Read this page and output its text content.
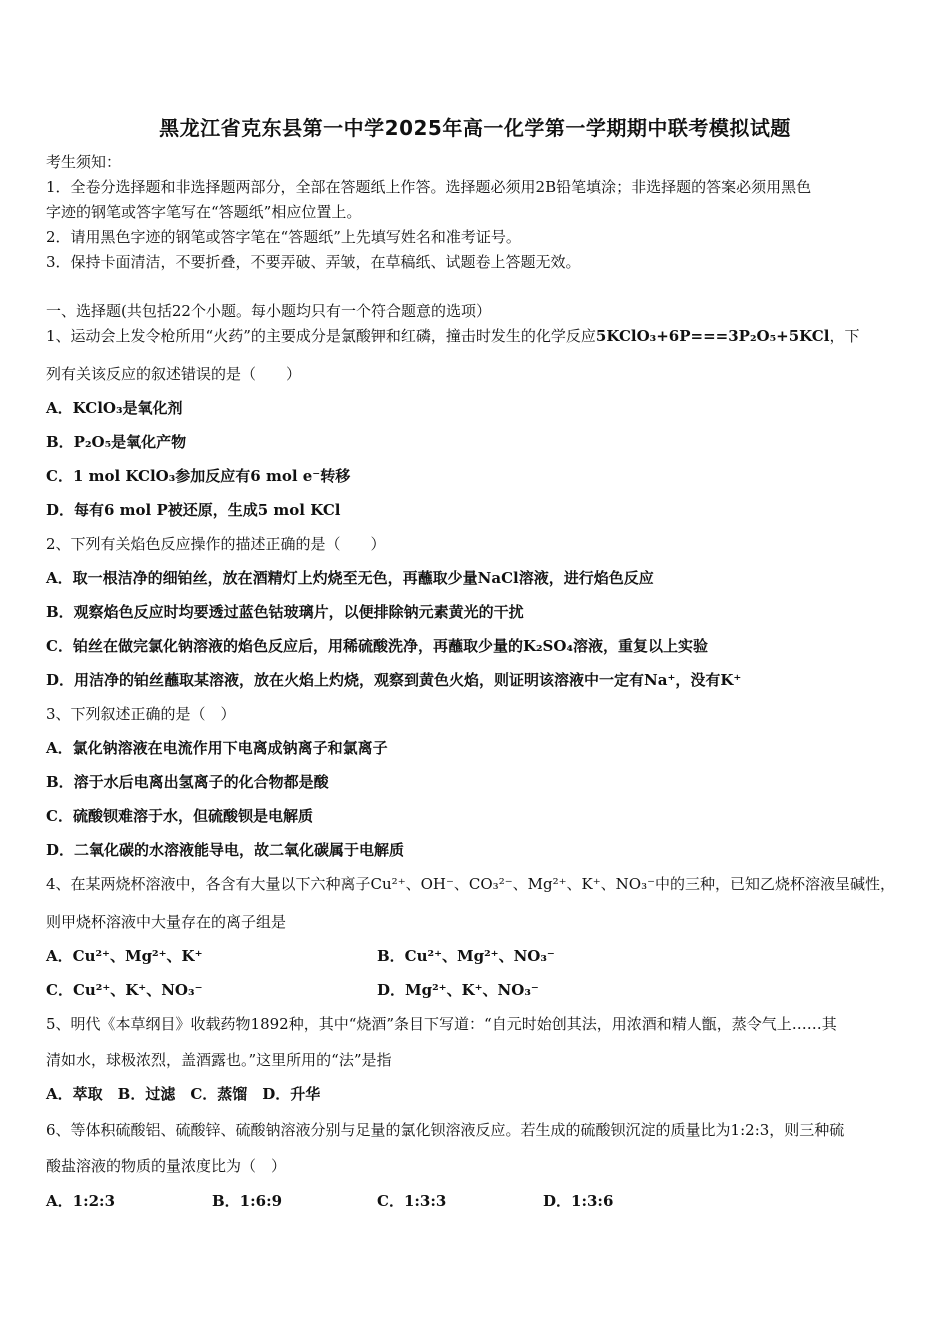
黑龙江省克东县第一中学2025年高一化学第一学期期中联考模拟试题
考生须知：
1．全卷分选择题和非选择题两部分，全部在答题纸上作答。选择题必须用2B铅笔填涂；非选择题的答案必须用黑色
字迹的钢笔或答字笔写在“答题纸”相应位置上。
2．请用黑色字迹的钢笔或答字笔在“答题纸”上先填写姓名和准考证号。
3．保持卡面清洁，不要折叠，不要弄破、弄皱，在草稿纸、试题卷上答题无效。
一、选择题(共包括22个小题。每小题均只有一个符合题意的选项）
1、运动会上发令枪所用“火药”的主要成分是氯酸钾和红磷，撞击时发生的化学反应5KClO₃+6P===3P₂O₅+5KCl，下
列有关该反应的叙述错误的是（　　）
A．KClO₃是氧化剂
B．P₂O₅是氧化产物
C．1 mol KClO₃参加反应有6 mol e⁻转移
D．每有6 mol P被还原，生成5 mol KCl
2、下列有关焰色反应操作的描述正确的是（　　）
A．取一根洁净的细铂丝，放在酒精灯上灼烧至无色，再蘸取少量NaCl溶液，进行焰色反应
B．观察焰色反应时均要透过蓝色钴玻璃片，以便排除钠元素黄光的干扰
C．铂丝在做完氯化钠溶液的焰色反应后，用稀硫酸洗净，再蘸取少量的K₂SO₄溶液，重复以上实验
D．用洁净的铂丝蘸取某溶液，放在火焰上灼烧，观察到黄色火焰，则证明该溶液中一定有Na⁺，没有K⁺
3、下列叙述正确的是（　）
A．氯化钠溶液在电流作用下电离成钠离子和氯离子
B．溶于水后电离出氢离子的化合物都是酸
C．硫酸钡难溶于水，但硫酸钡是电解质
D．二氧化碳的水溶液能导电，故二氧化碳属于电解质
4、在某两烧杯溶液中，各含有大量以下六种离子Cu²⁺、OH⁻、CO₃²⁻、Mg²⁺、K⁺、NO₃⁻中的三种，已知乙烧杯溶液呈碱性，
则甲烧杯溶液中大量存在的离子组是
A．Cu²⁺、Mg²⁺、K⁺	B．Cu²⁺、Mg²⁺、NO₃⁻
C．Cu²⁺、K⁺、NO₃⁻	D．Mg²⁺、K⁺、NO₃⁻
5、明代《本草纲目》收载药物1892种，其中“烧酒”条目下写道：“自元时始创其法，用浓酒和精人甑，蒸令气上……其
清如水，球极浓烈，盖酒露也。”这里所用的“法”是指
A．萃取　B．过滤　C．蒸馏　D．升华
6、等体积硫酸铝、硫酸锌、硫酸钠溶液分别与足量的氯化钡溶液反应。若生成的硫酸钡沉淀的质量比为1:2:3，则三种硫
酸盐溶液的物质的量浓度比为（　）
A．1:2:3	B．1:6:9	C．1:3:3	D．1:3:6
